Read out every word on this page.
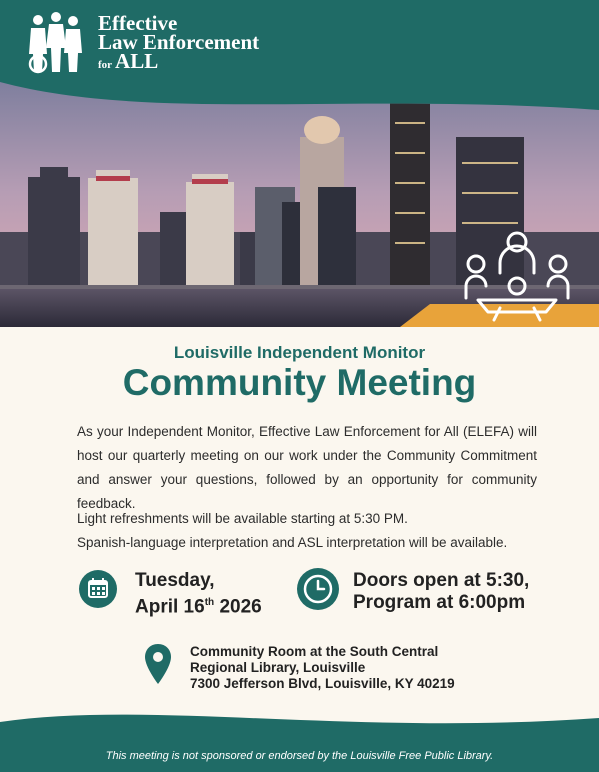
Effective
Law Enforcement
for ALL
Louisville Independent Monitor
Community Meeting

As your Independent Monitor, Effective Law Enforcement for All (ELEFA) will host our quarterly meeting on our work under the Community Commitment and answer your questions, followed by an opportunity for community feedback.

Light refreshments will be available starting at 5:30 PM.
Spanish-language interpretation and ASL interpretation will be available.
Tuesday,
April 16th 2026
Doors open at 5:30,
Program at 6:00pm
Community Room at the South Central
Regional Library, Louisville
7300 Jefferson Blvd, Louisville, KY 40219
This meeting is not sponsored or endorsed by the Louisville Free Public Library.
